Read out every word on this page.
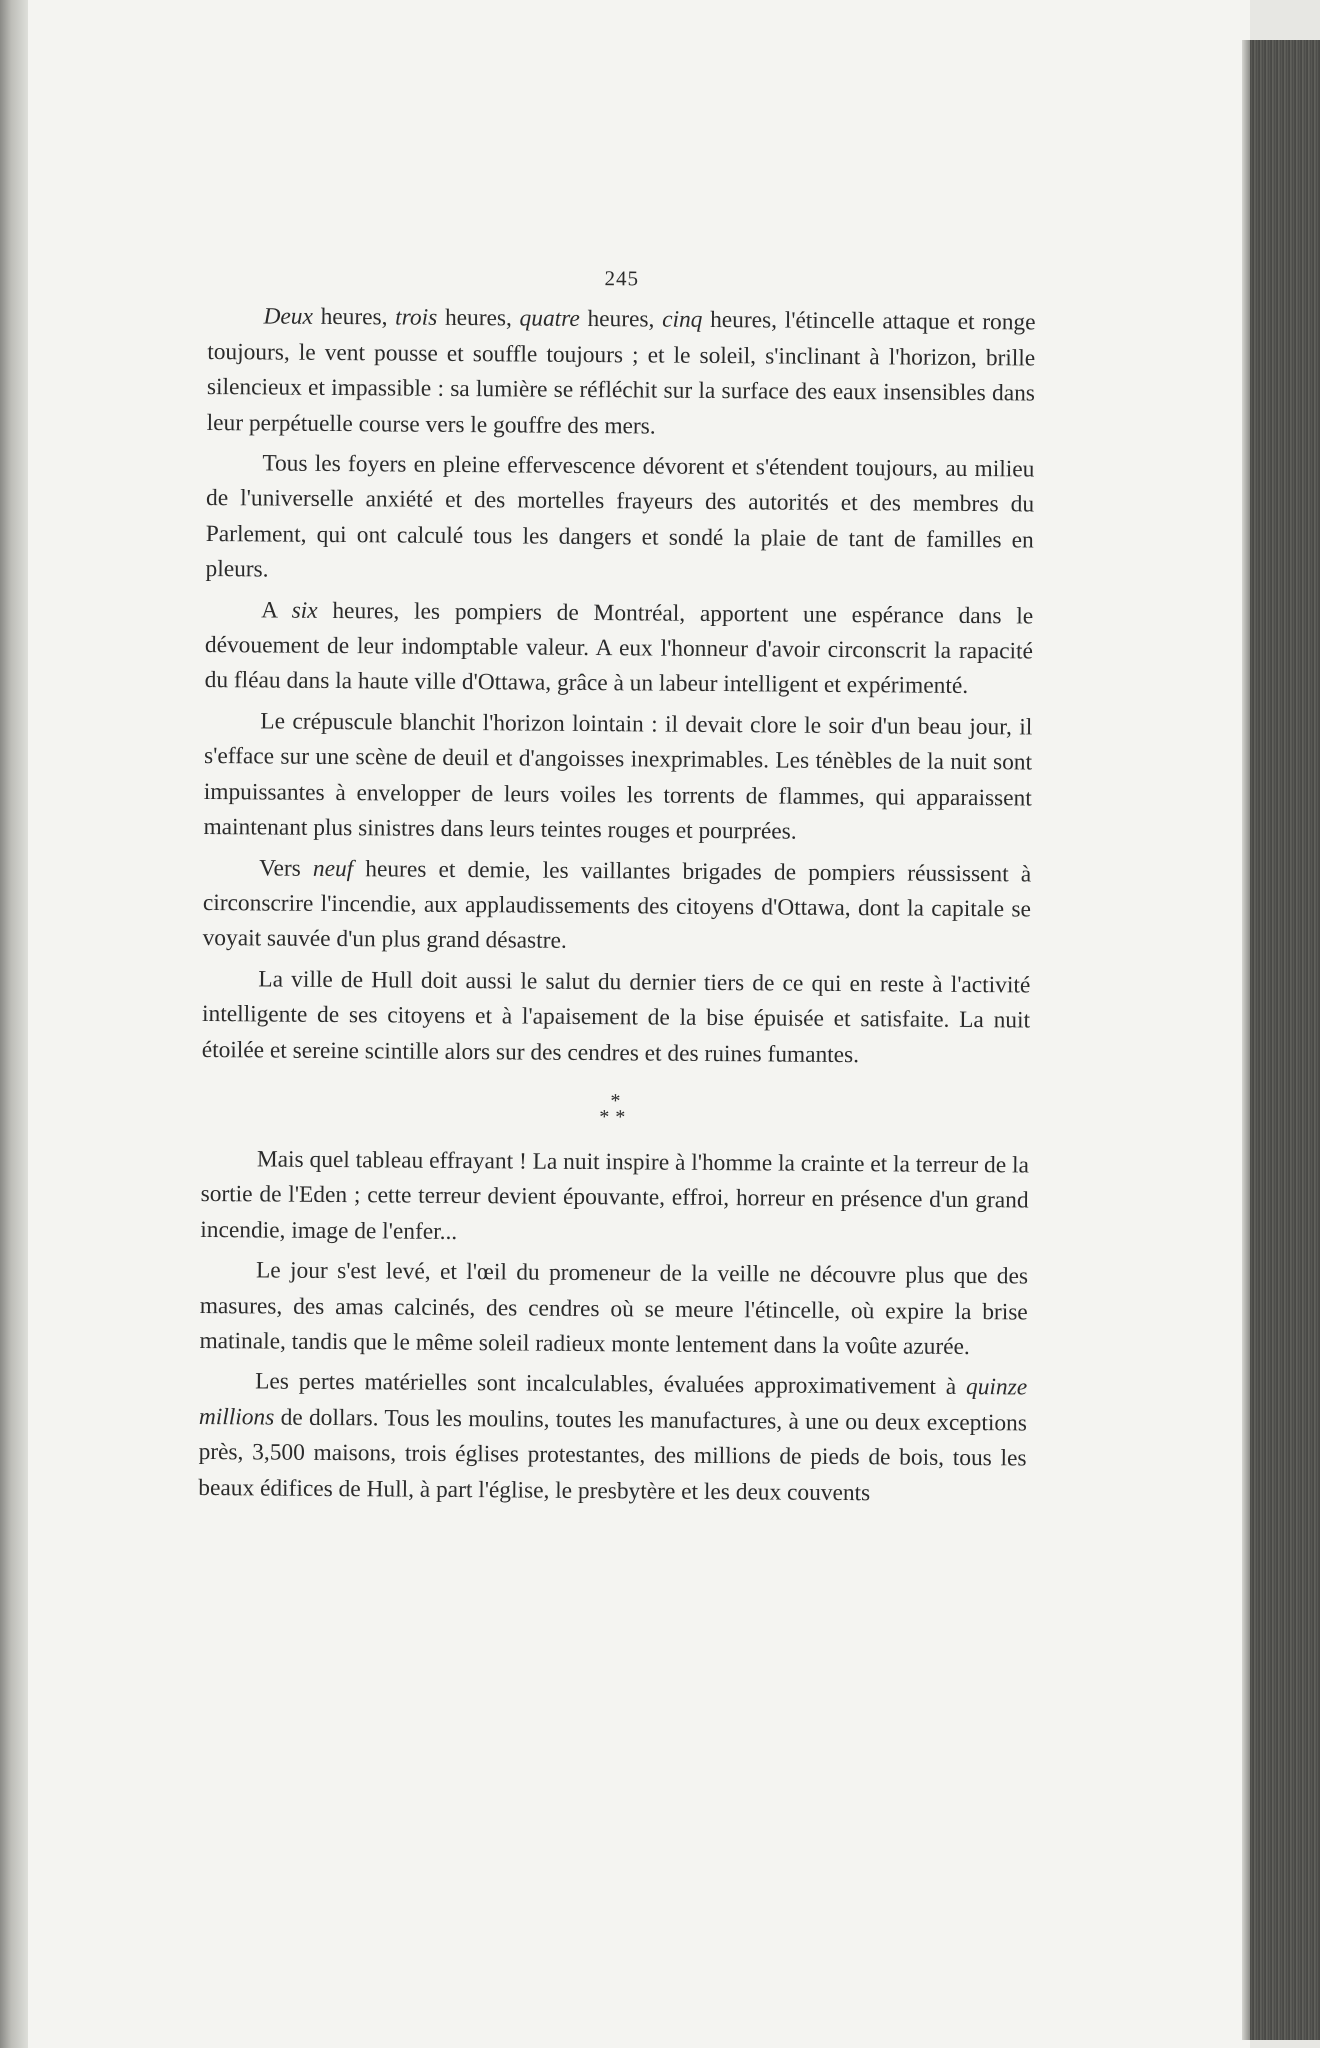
245

Deux heures, trois heures, quatre heures, cinq heures, l'étincelle attaque et ronge toujours, le vent pousse et souffle toujours ; et le soleil, s'inclinant à l'horizon, brille silencieux et impassible : sa lumière se réfléchit sur la surface des eaux insensibles dans leur perpétuelle course vers le gouffre des mers.

Tous les foyers en pleine effervescence dévorent et s'étendent toujours, au milieu de l'universelle anxiété et des mortelles frayeurs des autorités et des membres du Parlement, qui ont calculé tous les dangers et sondé la plaie de tant de familles en pleurs.

A six heures, les pompiers de Montréal, apportent une espérance dans le dévouement de leur indomptable valeur. A eux l'honneur d'avoir circonscrit la rapacité du fléau dans la haute ville d'Ottawa, grâce à un labeur intelligent et expérimenté.

Le crépuscule blanchit l'horizon lointain : il devait clore le soir d'un beau jour, il s'efface sur une scène de deuil et d'angoisses inexprimables. Les ténèbles de la nuit sont impuissantes à envelopper de leurs voiles les torrents de flammes, qui apparaissent maintenant plus sinistres dans leurs teintes rouges et pourprées.

Vers neuf heures et demie, les vaillantes brigades de pompiers réussissent à circonscrire l'incendie, aux applaudissements des citoyens d'Ottawa, dont la capitale se voyait sauvée d'un plus grand désastre.

La ville de Hull doit aussi le salut du dernier tiers de ce qui en reste à l'activité intelligente de ses citoyens et à l'apaisement de la bise épuisée et satisfaite. La nuit étoilée et sereine scintille alors sur des cendres et des ruines fumantes.

*
**

Mais quel tableau effrayant ! La nuit inspire à l'homme la crainte et la terreur de la sortie de l'Eden ; cette terreur devient épouvante, effroi, horreur en présence d'un grand incendie, image de l'enfer...

Le jour s'est levé, et l'œil du promeneur de la veille ne découvre plus que des masures, des amas calcinés, des cendres où se meure l'étincelle, où expire la brise matinale, tandis que le même soleil radieux monte lentement dans la voûte azurée.

Les pertes matérielles sont incalculables, évaluées approximativement à quinze millions de dollars. Tous les moulins, toutes les manufactures, à une ou deux exceptions près, 3,500 maisons, trois églises protestantes, des millions de pieds de bois, tous les beaux édifices de Hull, à part l'église, le presbytère et les deux couvents
